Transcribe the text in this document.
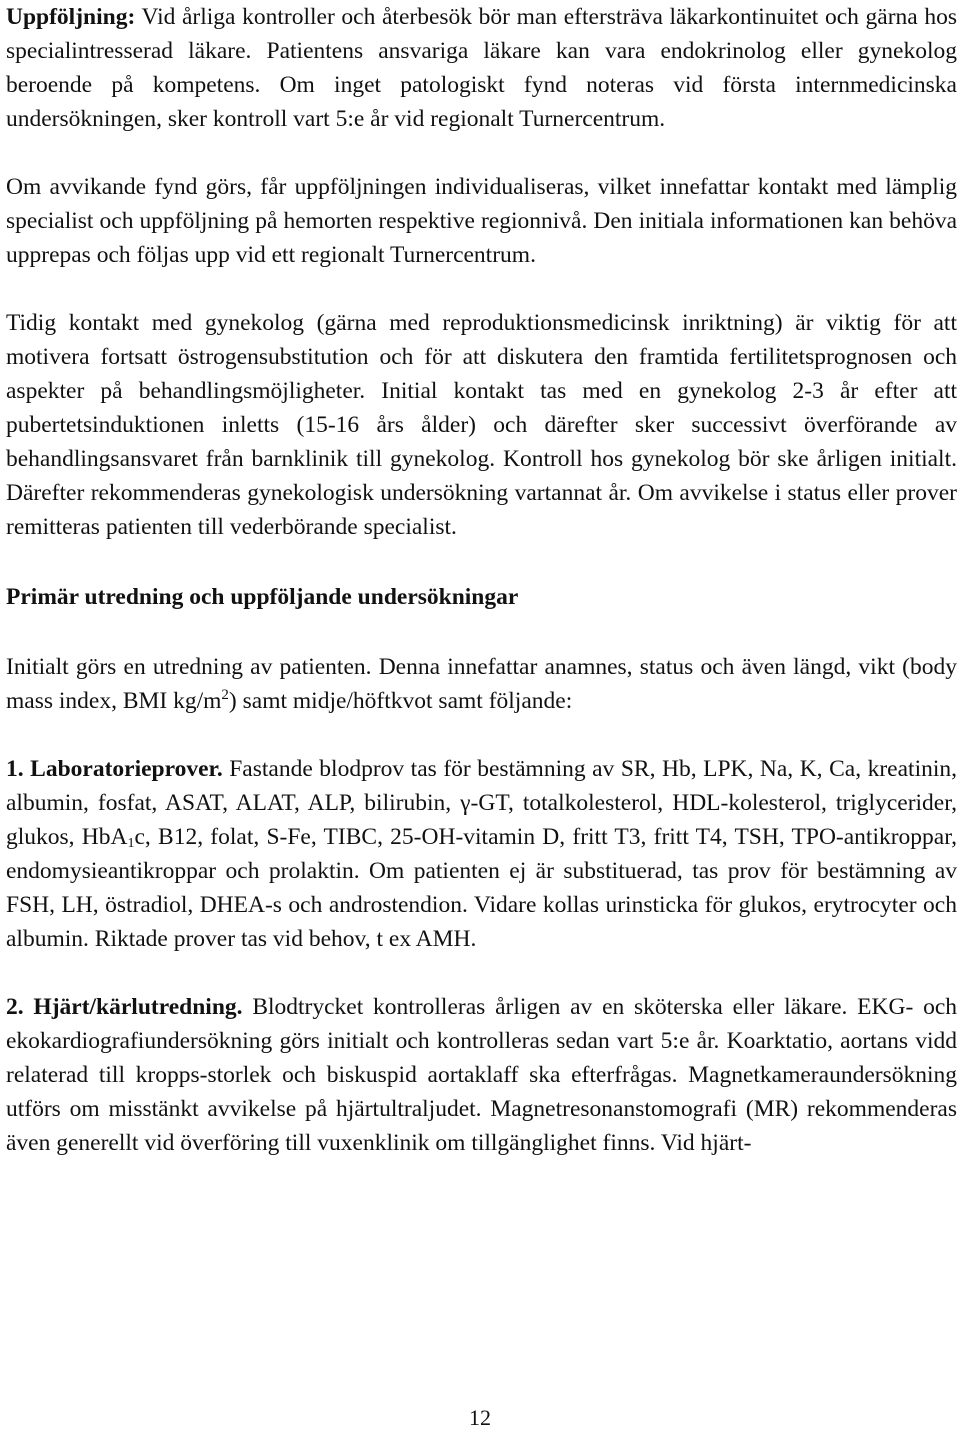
Uppföljning: Vid årliga kontroller och återbesök bör man eftersträva läkarkontinuitet och gärna hos specialintresserad läkare. Patientens ansvariga läkare kan vara endokrinolog eller gynekolog beroende på kompetens. Om inget patologiskt fynd noteras vid första internmedicinska undersökningen, sker kontroll vart 5:e år vid regionalt Turnercentrum.

Om avvikande fynd görs, får uppföljningen individualiseras, vilket innefattar kontakt med lämplig specialist och uppföljning på hemorten respektive regionnivå. Den initiala informationen kan behöva upprepas och följas upp vid ett regionalt Turnercentrum.

Tidig kontakt med gynekolog (gärna med reproduktionsmedicinsk inriktning) är viktig för att motivera fortsatt östrogensubstitution och för att diskutera den framtida fertilitetsprognosen och aspekter på behandlingsmöjligheter. Initial kontakt tas med en gynekolog 2-3 år efter att pubertetsinduktionen inletts (15-16 års ålder) och därefter sker successivt överförande av behandlingsansvaret från barnklinik till gynekolog. Kontroll hos gynekolog bör ske årligen initialt. Därefter rekommenderas gynekologisk undersökning vartannat år. Om avvikelse i status eller prover remitteras patienten till vederbörande specialist.

Primär utredning och uppföljande undersökningar

Initialt görs en utredning av patienten. Denna innefattar anamnes, status och även längd, vikt (body mass index, BMI $kg/m^2$) samt midje/höftkvot samt följande:

1. Laboratorieprover. Fastande blodprov tas för bestämning av SR, Hb, LPK, Na, K, Ca, kreatinin, albumin, fosfat, ASAT, ALAT, ALP, bilirubin, γ-GT, totalkolesterol, HDL-kolesterol, triglycerider, glukos, HbA$_1$c, B12, folat, S-Fe, TIBC, 25-OH-vitamin D, fritt T3, fritt T4, TSH, TPO-antikroppar, endomysieantikroppar och prolaktin. Om patienten ej är substituerad, tas prov för bestämning av FSH, LH, östradiol, DHEA-s och androstendion. Vidare kollas urinsticka för glukos, erytrocyter och albumin. Riktade prover tas vid behov, t ex AMH.

2. Hjärt/kärlutredning. Blodtrycket kontrolleras årligen av en sköterska eller läkare. EKG- och ekokardiografiundersökning görs initialt och kontrolleras sedan vart 5:e år. Koarktatio, aortans vidd relaterad till kropps-storlek och biskuspid aortaklaff ska efterfrågas. Magnetkameraundersökning utförs om misstänkt avvikelse på hjärtultraljudet. Magnetresonanstomografi (MR) rekommenderas även generellt vid överföring till vuxenklinik om tillgänglighet finns. Vid hjärt-

12
